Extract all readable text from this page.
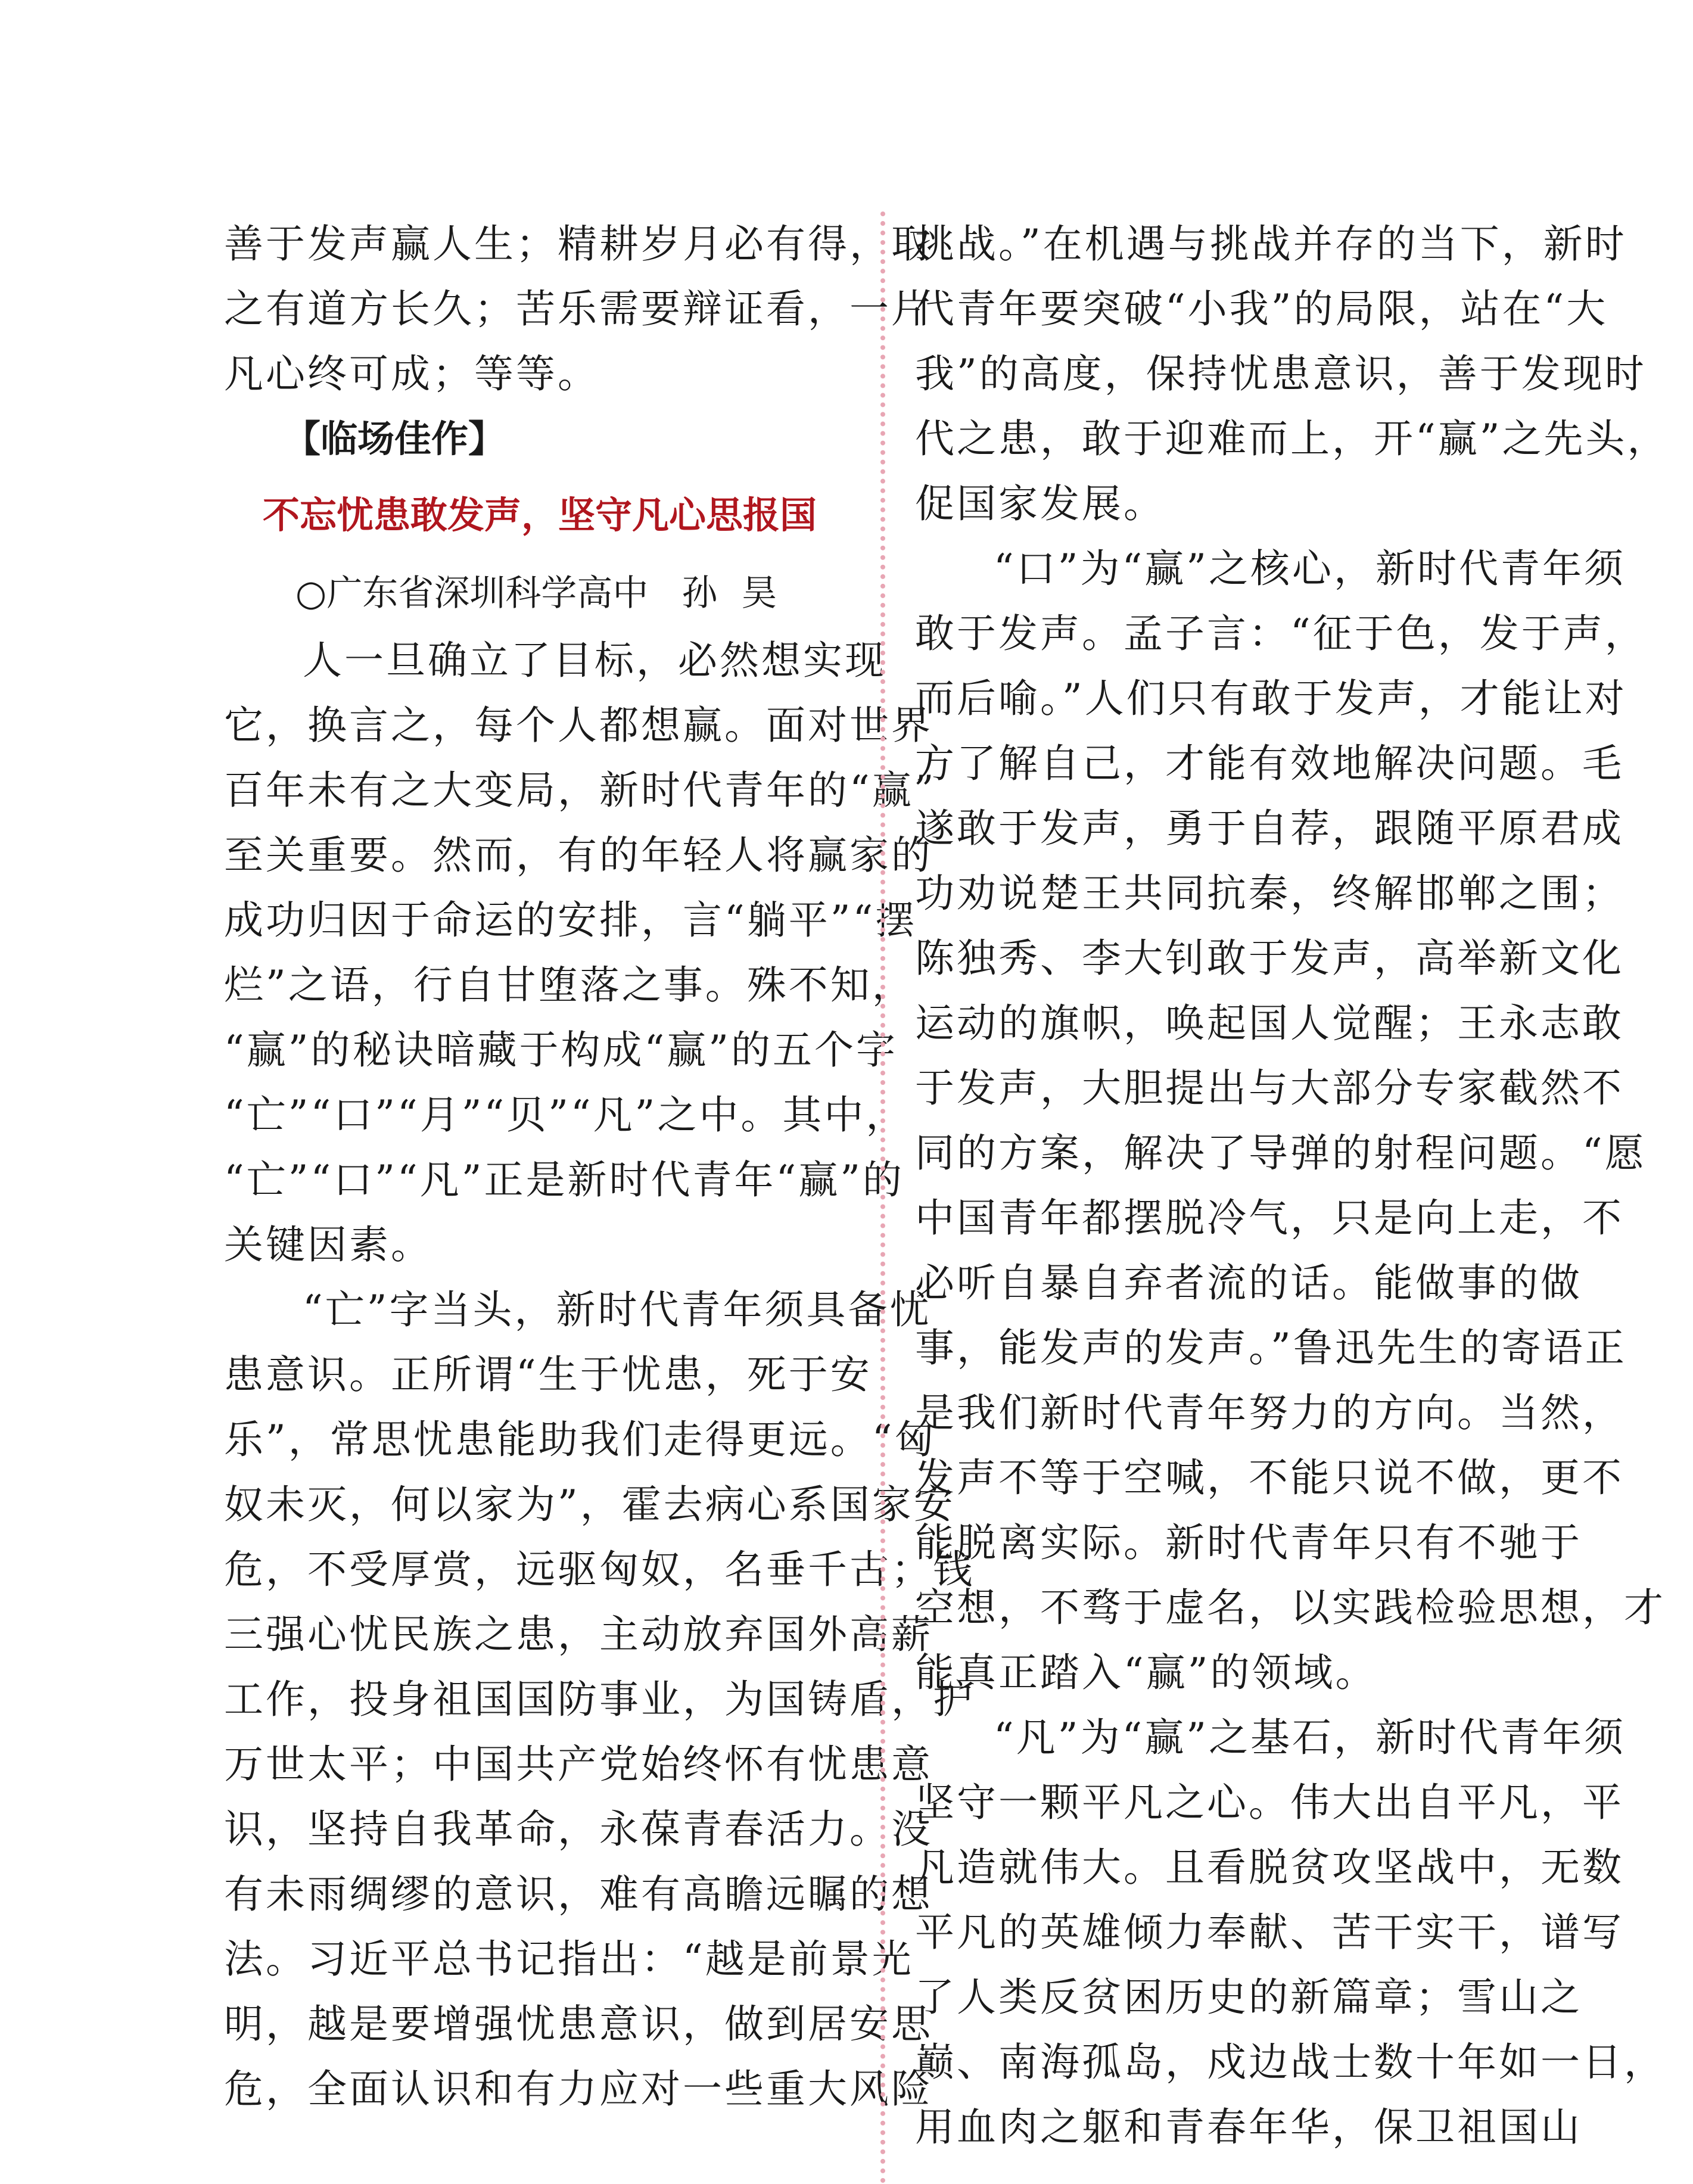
善于发声赢人生；精耕岁月必有得，取
之有道方长久；苦乐需要辩证看，一片
凡心终可成；等等。
【临场佳作】
不忘忧患敢发声，坚守凡心思报国
○广东省深圳科学高中 孙昊
人一旦确立了目标，必然想实现
它，换言之，每个人都想赢。面对世界
百年未有之大变局，新时代青年的“赢”
至关重要。然而，有的年轻人将赢家的
成功归因于命运的安排，言“躺平”“摆
烂”之语，行自甘堕落之事。殊不知，
“赢”的秘诀暗藏于构成“赢”的五个字
“亡”“口”“月”“贝”“凡”之中。其中，
“亡”“口”“凡”正是新时代青年“赢”的
关键因素。
“亡”字当头，新时代青年须具备忧
患意识。正所谓“生于忧患，死于安
乐”，常思忧患能助我们走得更远。“匈
奴未灭，何以家为”，霍去病心系国家安
危，不受厚赏，远驱匈奴，名垂千古；钱
三强心忧民族之患，主动放弃国外高薪
工作，投身祖国国防事业，为国铸盾，护
万世太平；中国共产党始终怀有忧患意
识，坚持自我革命，永葆青春活力。没
有未雨绸缪的意识，难有高瞻远瞩的想
法。习近平总书记指出：“越是前景光
明，越是要增强忧患意识，做到居安思
危，全面认识和有力应对一些重大风险
挑战。”在机遇与挑战并存的当下，新时
代青年要突破“小我”的局限，站在“大
我”的高度，保持忧患意识，善于发现时
代之患，敢于迎难而上，开“赢”之先头，
促国家发展。
“口”为“赢”之核心，新时代青年须
敢于发声。孟子言：“征于色，发于声，
而后喻。”人们只有敢于发声，才能让对
方了解自己，才能有效地解决问题。毛
遂敢于发声，勇于自荐，跟随平原君成
功劝说楚王共同抗秦，终解邯郸之围；
陈独秀、李大钊敢于发声，高举新文化
运动的旗帜，唤起国人觉醒；王永志敢
于发声，大胆提出与大部分专家截然不
同的方案，解决了导弹的射程问题。“愿
中国青年都摆脱冷气，只是向上走，不
必听自暴自弃者流的话。能做事的做
事，能发声的发声。”鲁迅先生的寄语正
是我们新时代青年努力的方向。当然，
发声不等于空喊，不能只说不做，更不
能脱离实际。新时代青年只有不驰于
空想，不骛于虚名，以实践检验思想，才
能真正踏入“赢”的领域。
“凡”为“赢”之基石，新时代青年须
坚守一颗平凡之心。伟大出自平凡，平
凡造就伟大。且看脱贫攻坚战中，无数
平凡的英雄倾力奉献、苦干实干，谱写
了人类反贫困历史的新篇章；雪山之
巅、南海孤岛，戍边战士数十年如一日，
用血肉之躯和青春年华，保卫祖国山
